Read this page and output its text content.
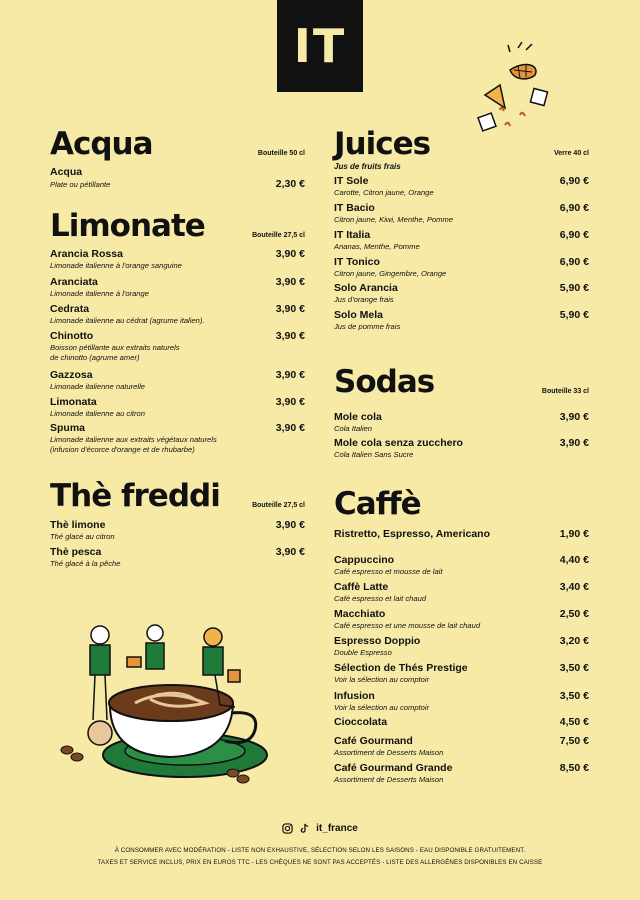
IT
Acqua	Bouteille 50 cl
Acqua
Plate ou pétillante	2,30 €
Limonate	Bouteille 27,5 cl
Arancia Rossa	3,90 €
Limonade italienne à l'orange sanguine
Aranciata	3,90 €
Limonade italienne à l'orange
Cedrata	3,90 €
Limonade italienne au cédrat (agrume italien).
Chinotto	3,90 €
Boisson pétillante aux extraits naturels
de chinotto (agrume amer)
Gazzosa	3,90 €
Limonade italienne naturelle
Limonata	3,90 €
Limonade italienne au citron
Spuma	3,90 €
Limonade italienne aux extraits végétaux naturels
(infusion d'écorce d'orange et de rhubarbe)
Thè freddi	Bouteille 27,5 cl
Thè limone	3,90 €
Thé glacé au citron
Thè pesca	3,90 €
Thé glacé à la pêche
Juices	Verre 40 cl
Jus de fruits frais
IT Sole	6,90 €
Carotte, Citron jaune, Orange
IT Bacio	6,90 €
Citron jaune, Kiwi, Menthe, Pomme
IT Italia	6,90 €
Ananas, Menthe, Pomme
IT Tonico	6,90 €
Citron jaune, Gingembre, Orange
Solo Arancia	5,90 €
Jus d'orange frais
Solo Mela	5,90 €
Jus de pomme frais
Sodas	Bouteille 33 cl
Mole cola	3,90 €
Cola Italien
Mole cola senza zucchero	3,90 €
Cola Italien Sans Sucre
Caffè
Ristretto, Espresso, Americano	1,90 €
Cappuccino	4,40 €
Café espresso et mousse de lait
Caffè Latte	3,40 €
Café espresso et lait chaud
Macchiato	2,50 €
Café espresso et une mousse de lait chaud
Espresso Doppio	3,20 €
Double Espresso
Sélection de Thés Prestige	3,50 €
Voir la sélection au comptoir
Infusion	3,50 €
Voir la sélection au comptoir
Cioccolata	4,50 €
Café Gourmand	7,50 €
Assortiment de Desserts Maison
Café Gourmand Grande	8,50 €
Assortiment de Desserts Maison
it_france
À CONSOMMER AVEC MODÉRATION - LISTE NON EXHAUSTIVE, SÉLECTION SELON LES SAISONS - EAU DISPONIBLE GRATUITEMENT.
TAXES ET SERVICE INCLUS, PRIX EN EUROS TTC - LES CHÈQUES NE SONT PAS ACCEPTÉS - LISTE DES ALLERGÈNES DISPONIBLES EN CAISSE
